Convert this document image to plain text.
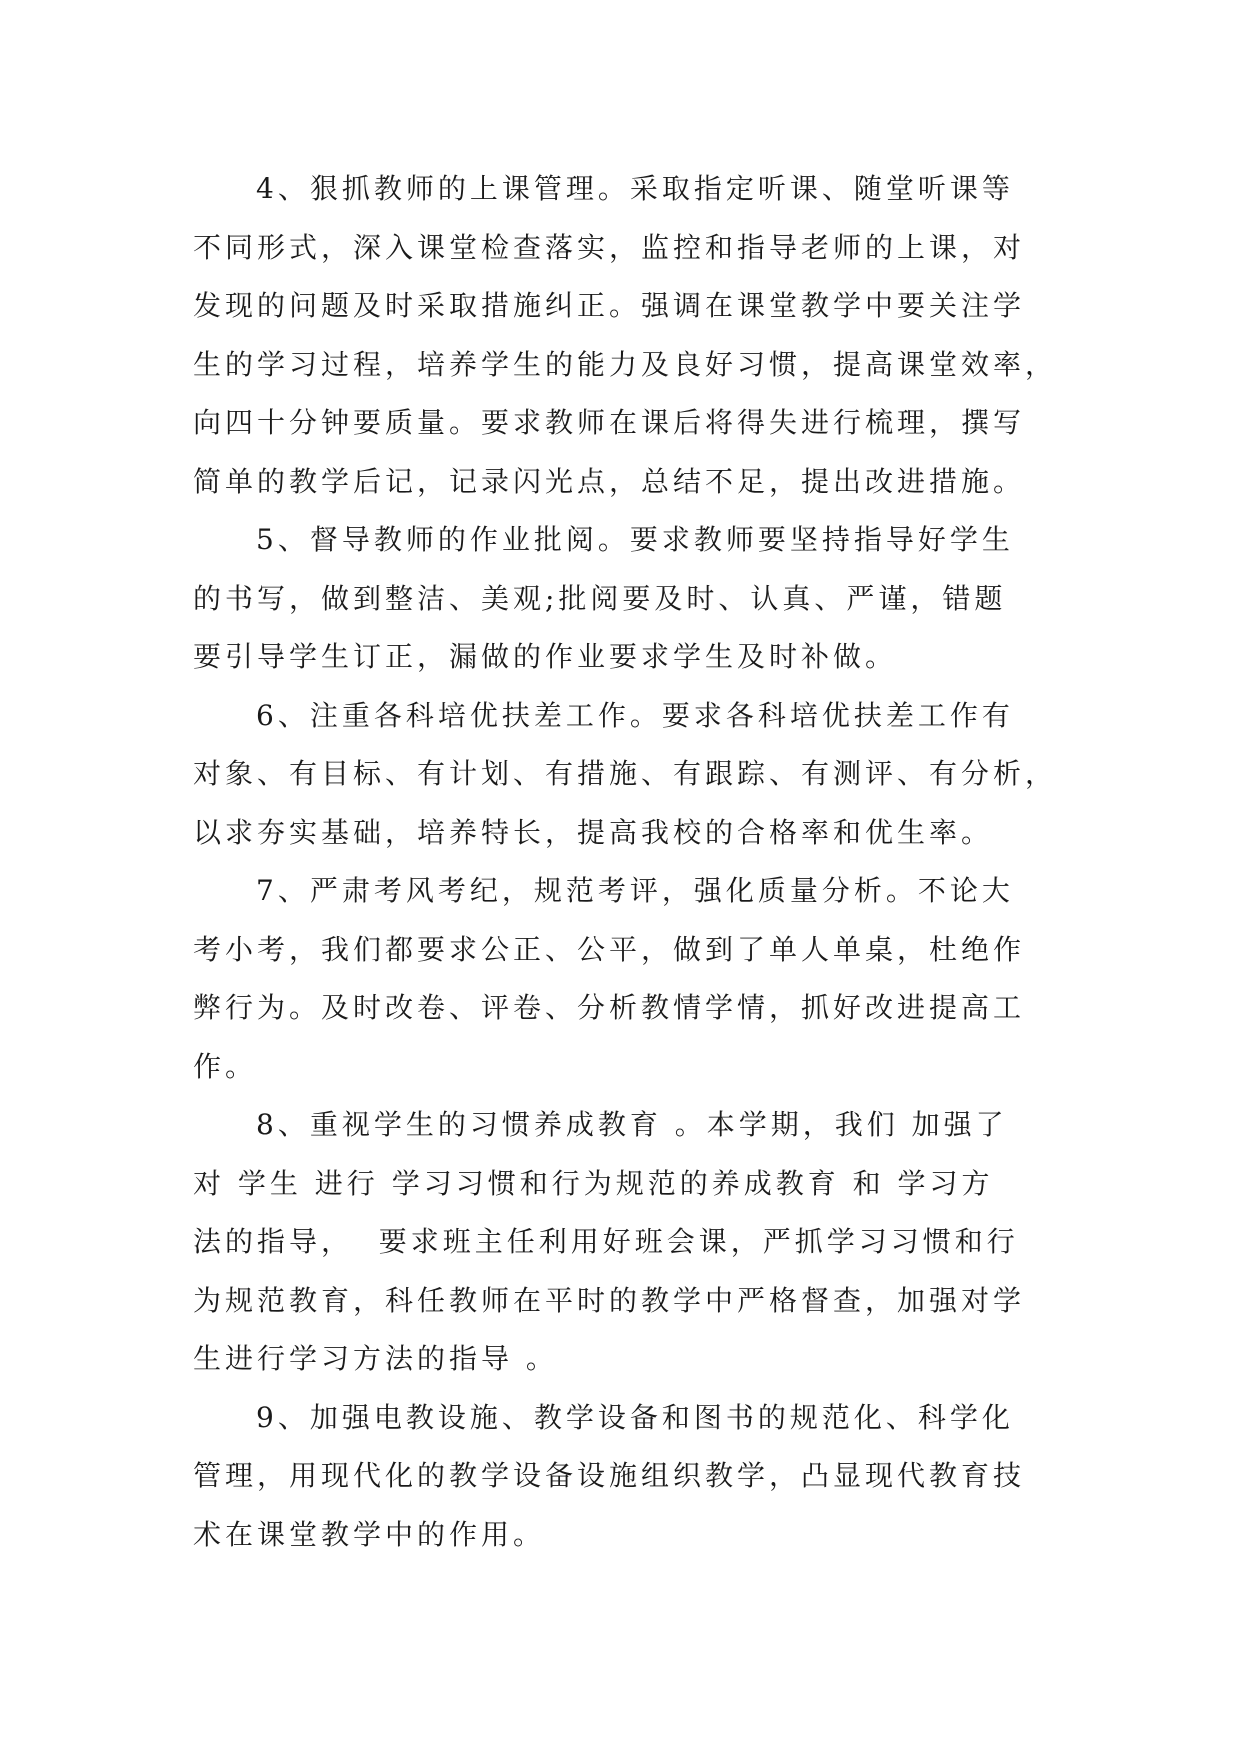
4、狠抓教师的上课管理。采取指定听课、随堂听课等
不同形式，深入课堂检查落实，监控和指导老师的上课，对
发现的问题及时采取措施纠正。强调在课堂教学中要关注学
生的学习过程，培养学生的能力及良好习惯，提高课堂效率，
向四十分钟要质量。要求教师在课后将得失进行梳理，撰写
简单的教学后记，记录闪光点，总结不足，提出改进措施。
5、督导教师的作业批阅。要求教师要坚持指导好学生
的书写，做到整洁、美观;批阅要及时、认真、严谨，错题
要引导学生订正，漏做的作业要求学生及时补做。
6、注重各科培优扶差工作。要求各科培优扶差工作有
对象、有目标、有计划、有措施、有跟踪、有测评、有分析，
以求夯实基础，培养特长，提高我校的合格率和优生率。
7、严肃考风考纪，规范考评，强化质量分析。不论大
考小考，我们都要求公正、公平，做到了单人单桌，杜绝作
弊行为。及时改卷、评卷、分析教情学情，抓好改进提高工
作。
8、重视学生的习惯养成教育 。本学期，我们 加强了
对 学生 进行 学习习惯和行为规范的养成教育 和 学习方
法的指导，  要求班主任利用好班会课，严抓学习习惯和行
为规范教育，科任教师在平时的教学中严格督查，加强对学
生进行学习方法的指导 。
9、加强电教设施、教学设备和图书的规范化、科学化
管理，用现代化的教学设备设施组织教学，凸显现代教育技
术在课堂教学中的作用。
